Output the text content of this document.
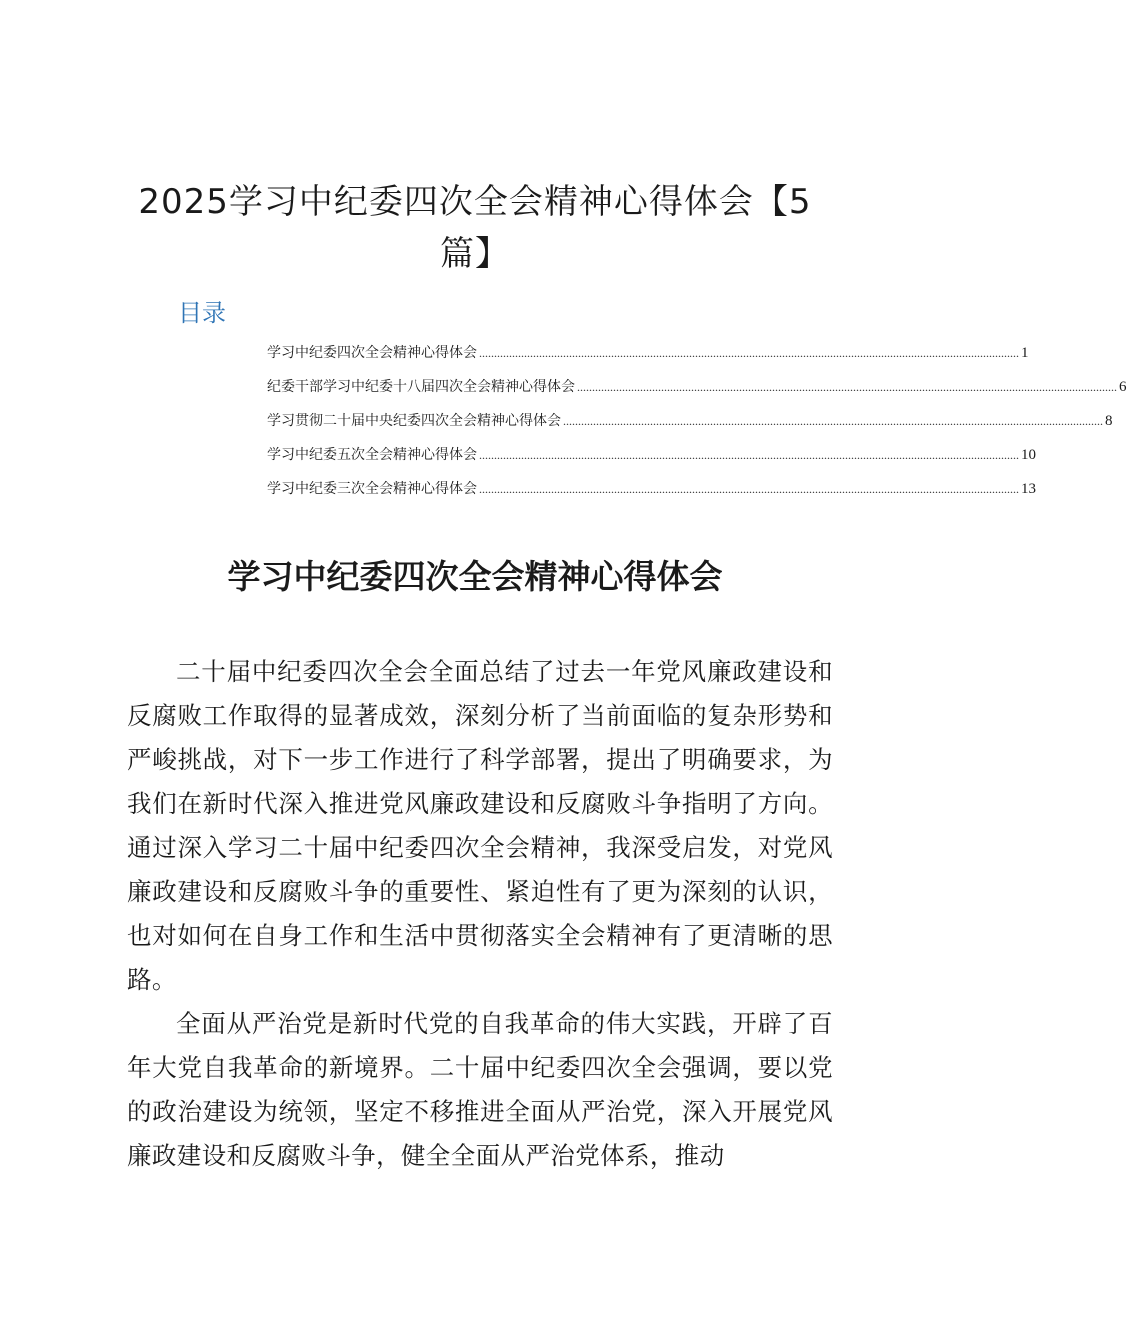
2025学习中纪委四次全会精神心得体会【5篇】
目录
学习中纪委四次全会精神心得体会 .................................................................................................................................................................................... 1
纪委干部学习中纪委十八届四次全会精神心得体会 .................................................................................................................................................................................... 6
学习贯彻二十届中央纪委四次全会精神心得体会 .................................................................................................................................................................................... 8
学习中纪委五次全会精神心得体会 .................................................................................................................................................................................... 10
学习中纪委三次全会精神心得体会 .................................................................................................................................................................................... 13
学习中纪委四次全会精神心得体会

二十届中纪委四次全会全面总结了过去一年党风廉政建设和反腐败工作取得的显著成效，深刻分析了当前面临的复杂形势和严峻挑战，对下一步工作进行了科学部署，提出了明确要求，为我们在新时代深入推进党风廉政建设和反腐败斗争指明了方向。通过深入学习二十届中纪委四次全会精神，我深受启发，对党风廉政建设和反腐败斗争的重要性、紧迫性有了更为深刻的认识，也对如何在自身工作和生活中贯彻落实全会精神有了更清晰的思路。

全面从严治党是新时代党的自我革命的伟大实践，开辟了百年大党自我革命的新境界。二十届中纪委四次全会强调，要以党的政治建设为统领，坚定不移推进全面从严治党，深入开展党风廉政建设和反腐败斗争，健全全面从严治党体系，推动
